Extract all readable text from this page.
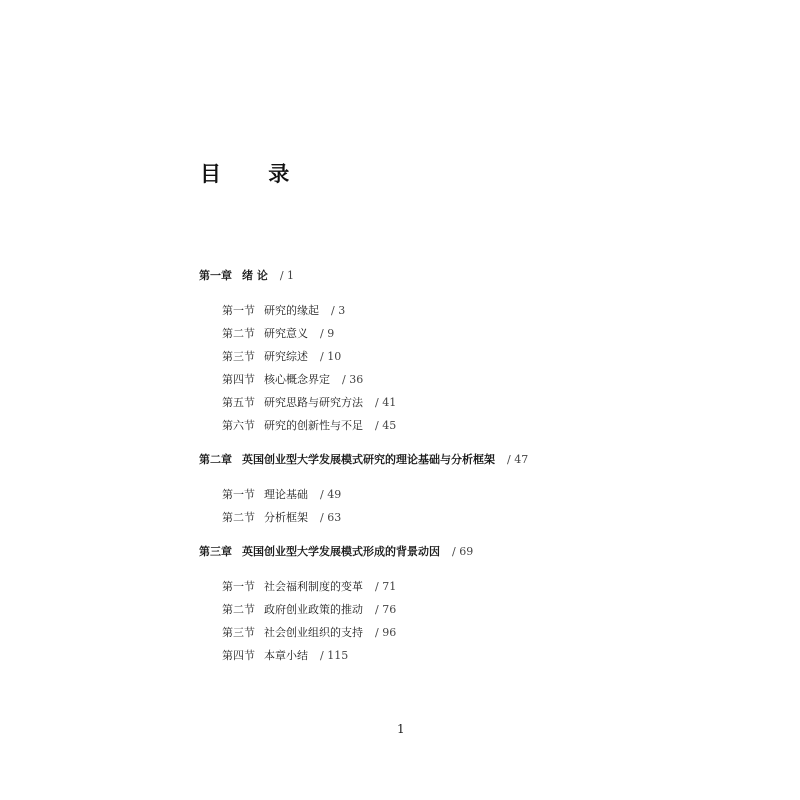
目 录
第一章 绪 论 / 1
第一节 研究的缘起 / 3
第二节 研究意义 / 9
第三节 研究综述 / 10
第四节 核心概念界定 / 36
第五节 研究思路与研究方法 / 41
第六节 研究的创新性与不足 / 45
第二章 英国创业型大学发展模式研究的理论基础与分析框架 / 47
第一节 理论基础 / 49
第二节 分析框架 / 63
第三章 英国创业型大学发展模式形成的背景动因 / 69
第一节 社会福利制度的变革 / 71
第二节 政府创业政策的推动 / 76
第三节 社会创业组织的支持 / 96
第四节 本章小结 / 115
1
